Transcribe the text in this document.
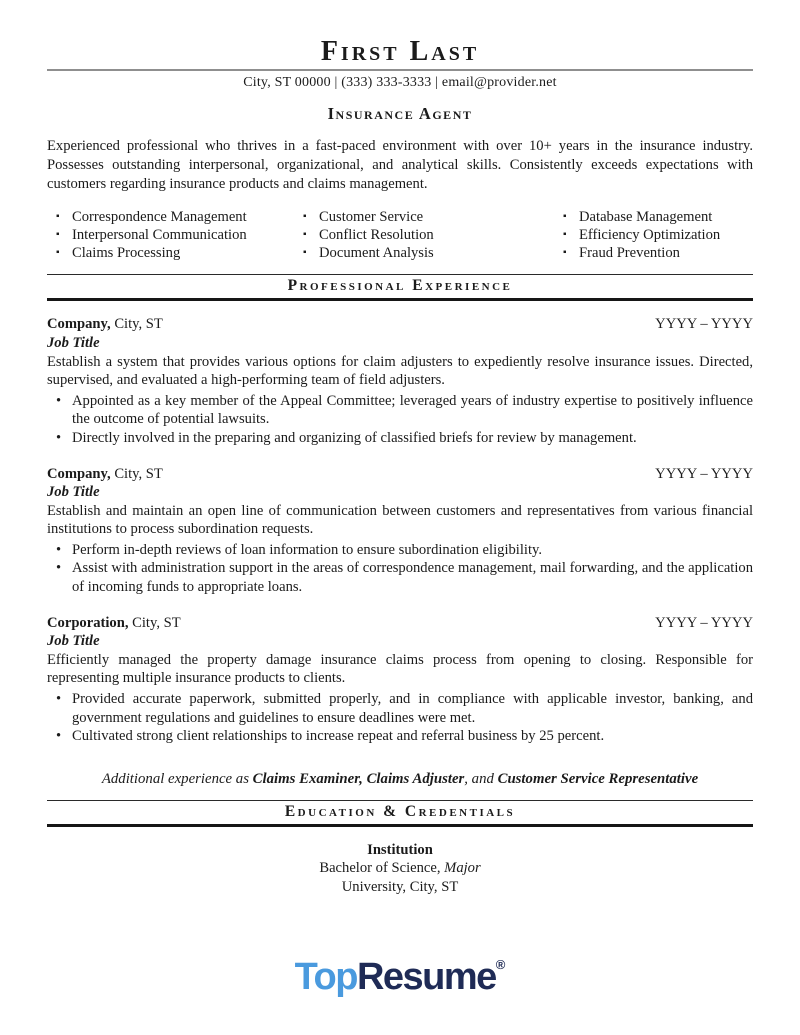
First Last
City, ST 00000 | (333) 333-3333 | email@provider.net
Insurance Agent

Experienced professional who thrives in a fast-paced environment with over 10+ years in the insurance industry. Possesses outstanding interpersonal, organizational, and analytical skills. Consistently exceeds expectations with customers regarding insurance products and claims management.

▪ Correspondence Management
▪ Interpersonal Communication
▪ Claims Processing
▪ Customer Service
▪ Conflict Resolution
▪ Document Analysis
▪ Database Management
▪ Efficiency Optimization
▪ Fraud Prevention
Professional Experience
Company, City, ST	YYYY – YYYY
Job Title
Establish a system that provides various options for claim adjusters to expediently resolve insurance issues. Directed, supervised, and evaluated a high-performing team of field adjusters.
• Appointed as a key member of the Appeal Committee; leveraged years of industry expertise to positively influence the outcome of potential lawsuits.
• Directly involved in the preparing and organizing of classified briefs for review by management.
Company, City, ST	YYYY – YYYY
Job Title
Establish and maintain an open line of communication between customers and representatives from various financial institutions to process subordination requests.
• Perform in-depth reviews of loan information to ensure subordination eligibility.
• Assist with administration support in the areas of correspondence management, mail forwarding, and the application of incoming funds to appropriate loans.
Corporation, City, ST	YYYY – YYYY
Job Title
Efficiently managed the property damage insurance claims process from opening to closing. Responsible for representing multiple insurance products to clients.
• Provided accurate paperwork, submitted properly, and in compliance with applicable investor, banking, and government regulations and guidelines to ensure deadlines were met.
• Cultivated strong client relationships to increase repeat and referral business by 25 percent.
Additional experience as Claims Examiner, Claims Adjuster, and Customer Service Representative
Education & Credentials
Institution
Bachelor of Science, Major
University, City, ST
TopResume®
